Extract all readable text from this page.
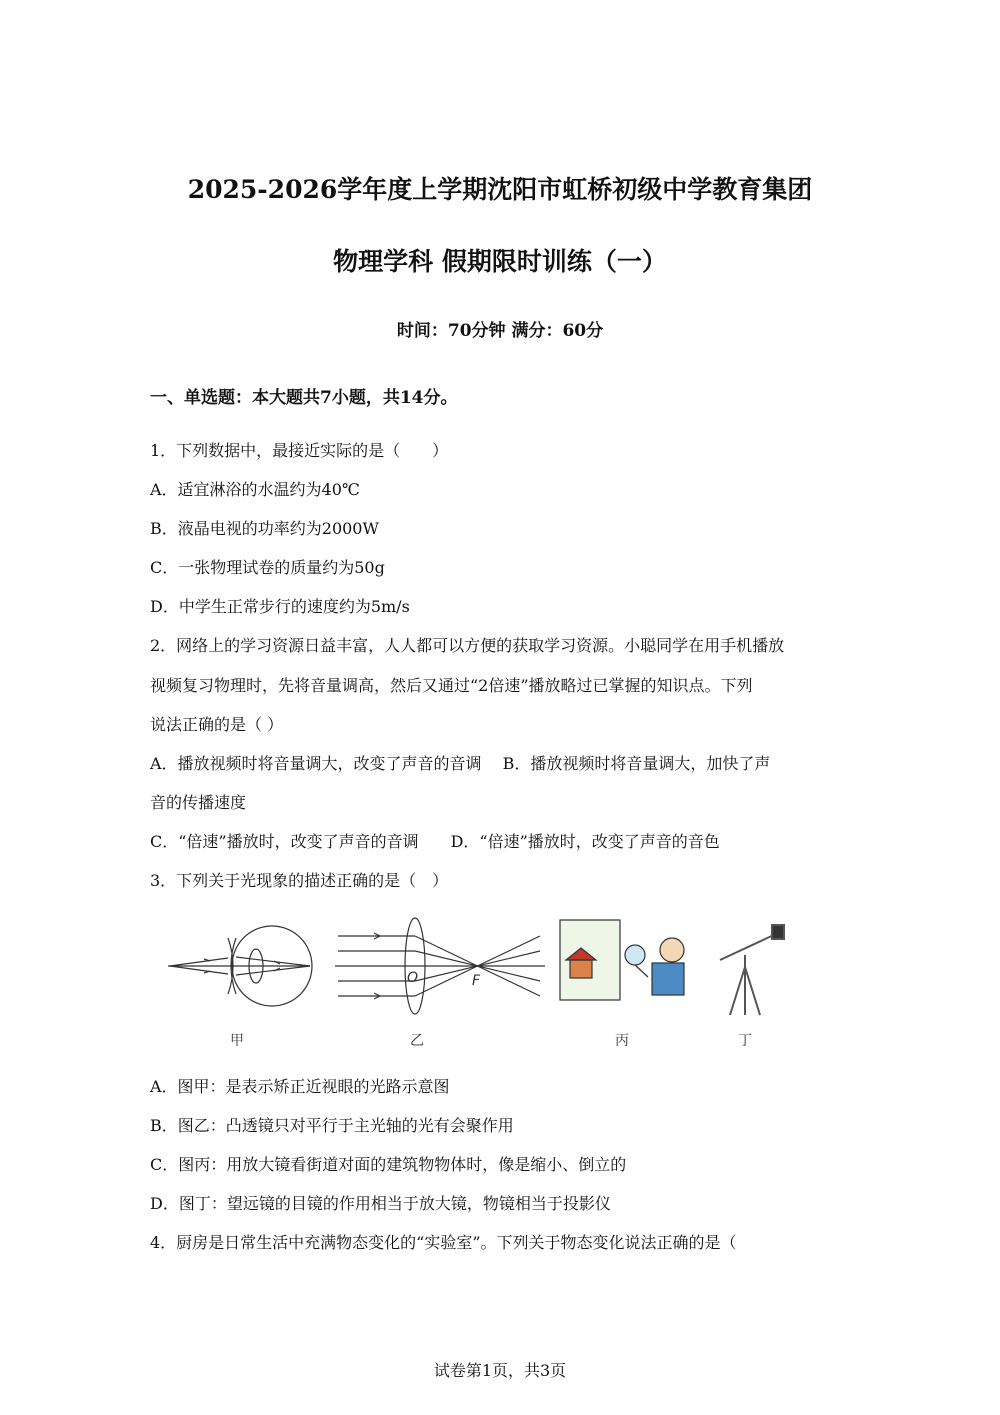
2025-2026学年度上学期沈阳市虹桥初级中学教育集团
物理学科 假期限时训练（一）
时间：70分钟 满分：60分
一、单选题：本大题共7小题，共14分。
1．下列数据中，最接近实际的是（　　）
A．适宜淋浴的水温约为40℃
B．液晶电视的功率约为2000W
C．一张物理试卷的质量约为50g
D．中学生正常步行的速度约为5m/s
2．网络上的学习资源日益丰富，人人都可以方便的获取学习资源。小聪同学在用手机播放
视频复习物理时，先将音量调高，然后又通过“2倍速”播放略过已掌握的知识点。下列
说法正确的是（ ）
A．播放视频时将音量调大，改变了声音的音调　 B．播放视频时将音量调大，加快了声
音的传播速度
C．“倍速”播放时，改变了声音的音调　　D．“倍速”播放时，改变了声音的音色
3．下列关于光现象的描述正确的是（　）
O	F
甲	乙	丙	丁
A．图甲：是表示矫正近视眼的光路示意图
B．图乙：凸透镜只对平行于主光轴的光有会聚作用
C．图丙：用放大镜看街道对面的建筑物物体时，像是缩小、倒立的
D．图丁：望远镜的目镜的作用相当于放大镜，物镜相当于投影仪
4．厨房是日常生活中充满物态变化的“实验室”。下列关于物态变化说法正确的是（
试卷第1页，共3页
